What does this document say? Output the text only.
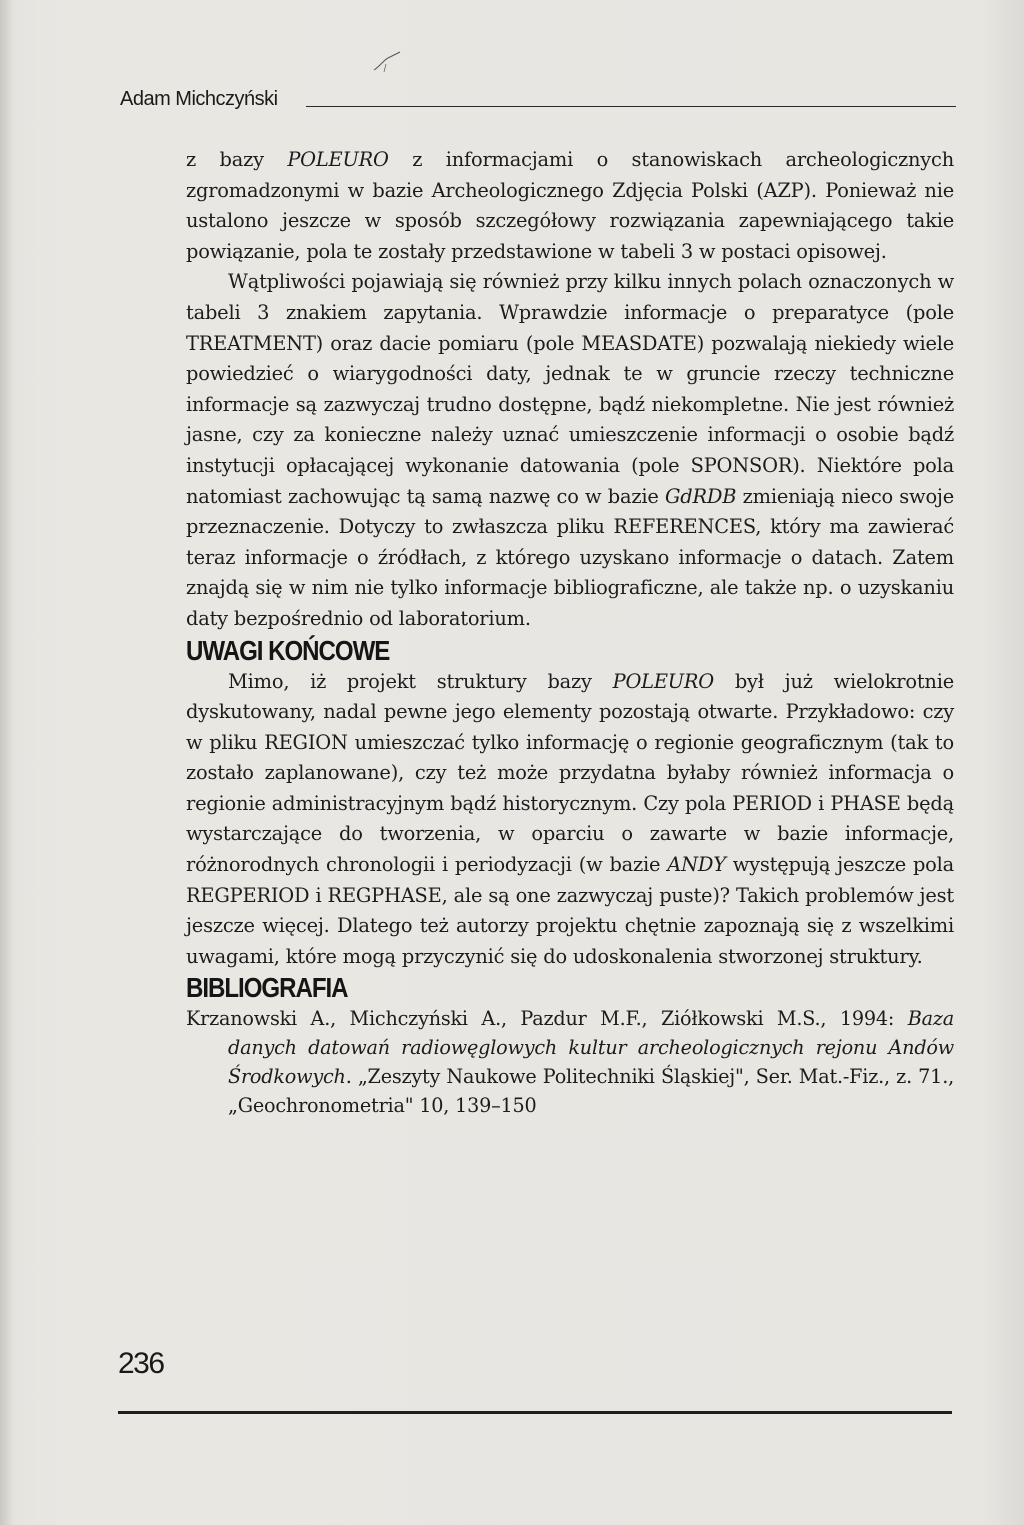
Adam Michczyński

z bazy POLEURO z informacjami o stanowiskach archeologicznych zgromadzonymi w bazie Archeologicznego Zdjęcia Polski (AZP). Ponieważ nie ustalono jeszcze w sposób szczegółowy rozwiązania zapewniającego takie powiązanie, pola te zostały przedstawione w tabeli 3 w postaci opisowej.

Wątpliwości pojawiają się również przy kilku innych polach oznaczonych w tabeli 3 znakiem zapytania. Wprawdzie informacje o preparatyce (pole TREATMENT) oraz dacie pomiaru (pole MEASDATE) pozwalają niekiedy wiele powiedzieć o wiarygodności daty, jednak te w gruncie rzeczy techniczne informacje są zazwyczaj trudno dostępne, bądź niekompletne. Nie jest również jasne, czy za konieczne należy uznać umieszczenie informacji o osobie bądź instytucji opłacającej wykonanie datowania (pole SPONSOR). Niektóre pola natomiast zachowując tą samą nazwę co w bazie GdRDB zmieniają nieco swoje przeznaczenie. Dotyczy to zwłaszcza pliku REFERENCES, który ma zawierać teraz informacje o źródłach, z którego uzyskano informacje o datach. Zatem znajdą się w nim nie tylko informacje bibliograficzne, ale także np. o uzyskaniu daty bezpośrednio od laboratorium.

UWAGI KOŃCOWE

Mimo, iż projekt struktury bazy POLEURO był już wielokrotnie dyskutowany, nadal pewne jego elementy pozostają otwarte. Przykładowo: czy w pliku REGION umieszczać tylko informację o regionie geograficznym (tak to zostało zaplanowane), czy też może przydatna byłaby również informacja o regionie administracyjnym bądź historycznym. Czy pola PERIOD i PHASE będą wystarczające do tworzenia, w oparciu o zawarte w bazie informacje, różnorodnych chronologii i periodyzacji (w bazie ANDY występują jeszcze pola REGPERIOD i REGPHASE, ale są one zazwyczaj puste)? Takich problemów jest jeszcze więcej. Dlatego też autorzy projektu chętnie zapoznają się z wszelkimi uwagami, które mogą przyczynić się do udoskonalenia stworzonej struktury.

BIBLIOGRAFIA

Krzanowski A., Michczyński A., Pazdur M.F., Ziółkowski M.S., 1994: Baza danych datowań radiowęglowych kultur archeologicznych rejonu Andów Środkowych. „Zeszyty Naukowe Politechniki Śląskiej", Ser. Mat.-Fiz., z. 71., „Geochronometria" 10, 139–150

236
